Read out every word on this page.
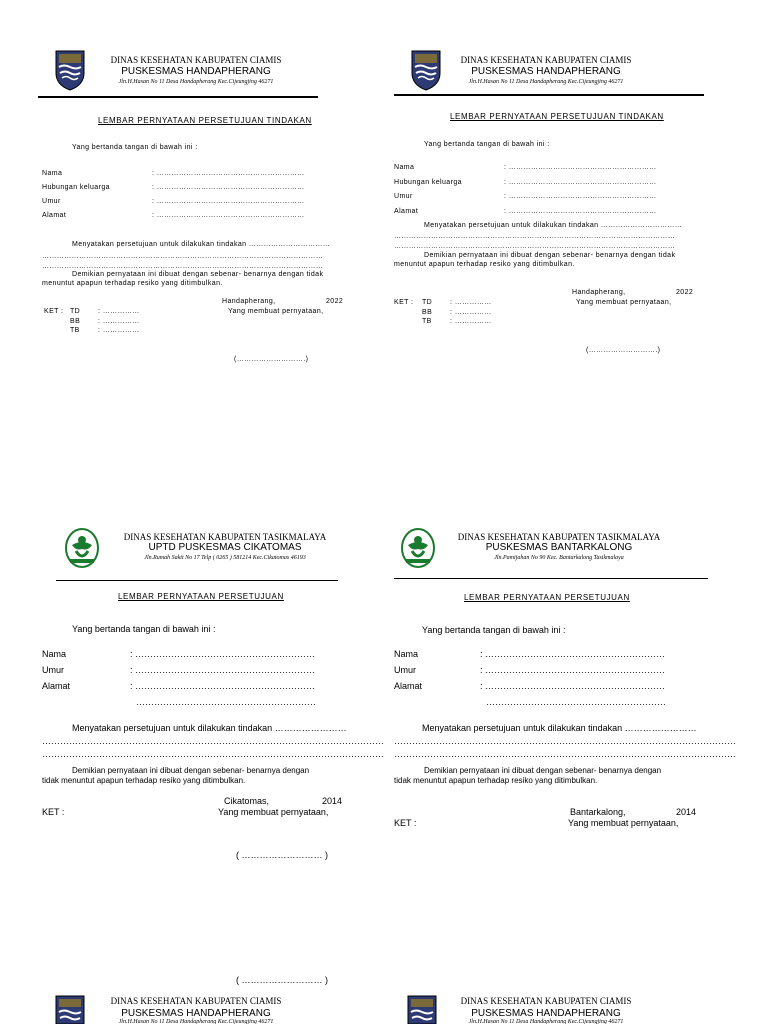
DINAS KESEHATAN KABUPATEN CIAMIS
PUSKESMAS HANDAPHERANG
Jln.H.Hasan No 11 Desa Handapherang Kec.Cijeungjing 46271
LEMBAR PERNYATAAN PERSETUJUAN TINDAKAN
Yang bertanda tangan di bawah ini :
Nama	: ……………………………………………………
Hubungan keluarga	: ……………………………………………………
Umur	: ……………………………………………………
Alamat	: ……………………………………………………
Menyatakan persetujuan untuk dilakukan tindakan ……………………………
……………………………………………………………………………………………………
……………………………………………………………………………………………………
Demikian pernyataan ini dibuat dengan sebenar- benarnya dengan tidak
menuntut apapun terhadap resiko yang ditimbulkan.
Handapherang,	2022
Yang membuat pernyataan,
KET : TD	: ……………
BB	: ……………
TB	: ……………
(……………………….)
DINAS KESEHATAN KABUPATEN CIAMIS
PUSKESMAS HANDAPHERANG
Jln.H.Hasan No 11 Desa Handapherang Kec.Cijeungjing 46271
LEMBAR PERNYATAAN PERSETUJUAN TINDAKAN
Yang bertanda tangan di bawah ini :
Nama	: ……………………………………………………
Hubungan keluarga	: ……………………………………………………
Umur	: ……………………………………………………
Alamat	: ……………………………………………………
Menyatakan persetujuan untuk dilakukan tindakan ……………………………
……………………………………………………………………………………………………
……………………………………………………………………………………………………
Demikian pernyataan ini dibuat dengan sebenar- benarnya dengan tidak
menuntut apapun terhadap resiko yang ditimbulkan.
Handapherang,	2022
Yang membuat pernyataan,
KET : TD	: ……………
BB	: ……………
TB	: ……………
(……………………….)
DINAS KESEHATAN KABUPATEN TASIKMALAYA
UPTD PUSKESMAS CIKATOMAS
Jln.Rumah Sakit No 17 Telp ( 0265 ) 581214 Kec.Cikatomas 46193
LEMBAR PERNYATAAN PERSETUJUAN
Yang bertanda tangan di bawah ini :
Nama	: ……………………………………………………
Umur	: ……………………………………………………
Alamat	: ……………………………………………………
……………………………………………………
Menyatakan persetujuan untuk dilakukan tindakan ……………………
……………………………………………………………………………………………………
……………………………………………………………………………………………………
Demikian pernyataan ini dibuat dengan sebenar- benarnya dengan
tidak menuntut apapun terhadap resiko yang ditimbulkan.
Cikatomas,	2014
Yang membuat pernyataan,
KET :
( ……………………… )
DINAS KESEHATAN KABUPATEN TASIKMALAYA
PUSKESMAS BANTARKALONG
Jln.Pamijahan No 90 Kec. Bantarkalong Tasikmalaya
LEMBAR PERNYATAAN PERSETUJUAN
Yang bertanda tangan di bawah ini :
Nama	: ……………………………………………………
Umur	: ……………………………………………………
Alamat	: ……………………………………………………
……………………………………………………
Menyatakan persetujuan untuk dilakukan tindakan ……………………
……………………………………………………………………………………………………
……………………………………………………………………………………………………
Demikian pernyataan ini dibuat dengan sebenar- benarnya dengan
tidak menuntut apapun terhadap resiko yang ditimbulkan.
Bantarkalong,	2014
Yang membuat pernyataan,
KET :
( ……………………… )
DINAS KESEHATAN KABUPATEN CIAMIS
PUSKESMAS HANDAPHERANG
Jln.H.Hasan No 11 Desa Handapherang Kec.Cijeungjing 46271
DINAS KESEHATAN KABUPATEN CIAMIS
PUSKESMAS HANDAPHERANG
Jln.H.Hasan No 11 Desa Handapherang Kec.Cijeungjing 46271
